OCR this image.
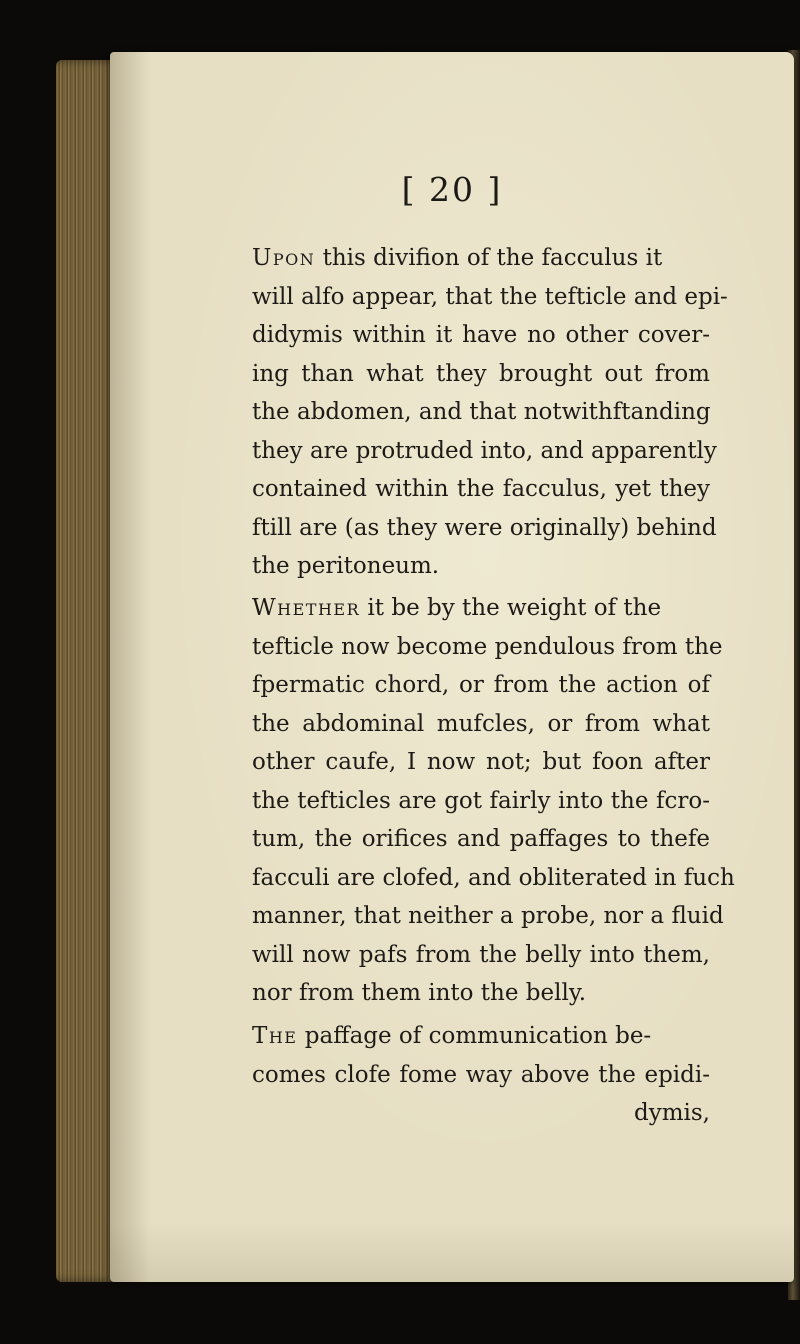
[ 20 ]
Upon this divifion of the facculus it
will alfo appear, that the tefticle and epi-
didymis within it have no other cover-
ing than what they brought out from
the abdomen, and that notwithftanding
they are protruded into, and apparently
contained within the facculus, yet they
ftill are (as they were originally) behind
the peritoneum.
Whether it be by the weight of the
tefticle now become pendulous from the
fpermatic chord, or from the action of
the abdominal mufcles, or from what
other caufe, I now not; but foon after
the tefticles are got fairly into the fcro-
tum, the orifices and paffages to thefe
facculi are clofed, and obliterated in fuch
manner, that neither a probe, nor a fluid
will now pafs from the belly into them,
nor from them into the belly.
The paffage of communication be-
comes clofe fome way above the epidi-
dymis,
